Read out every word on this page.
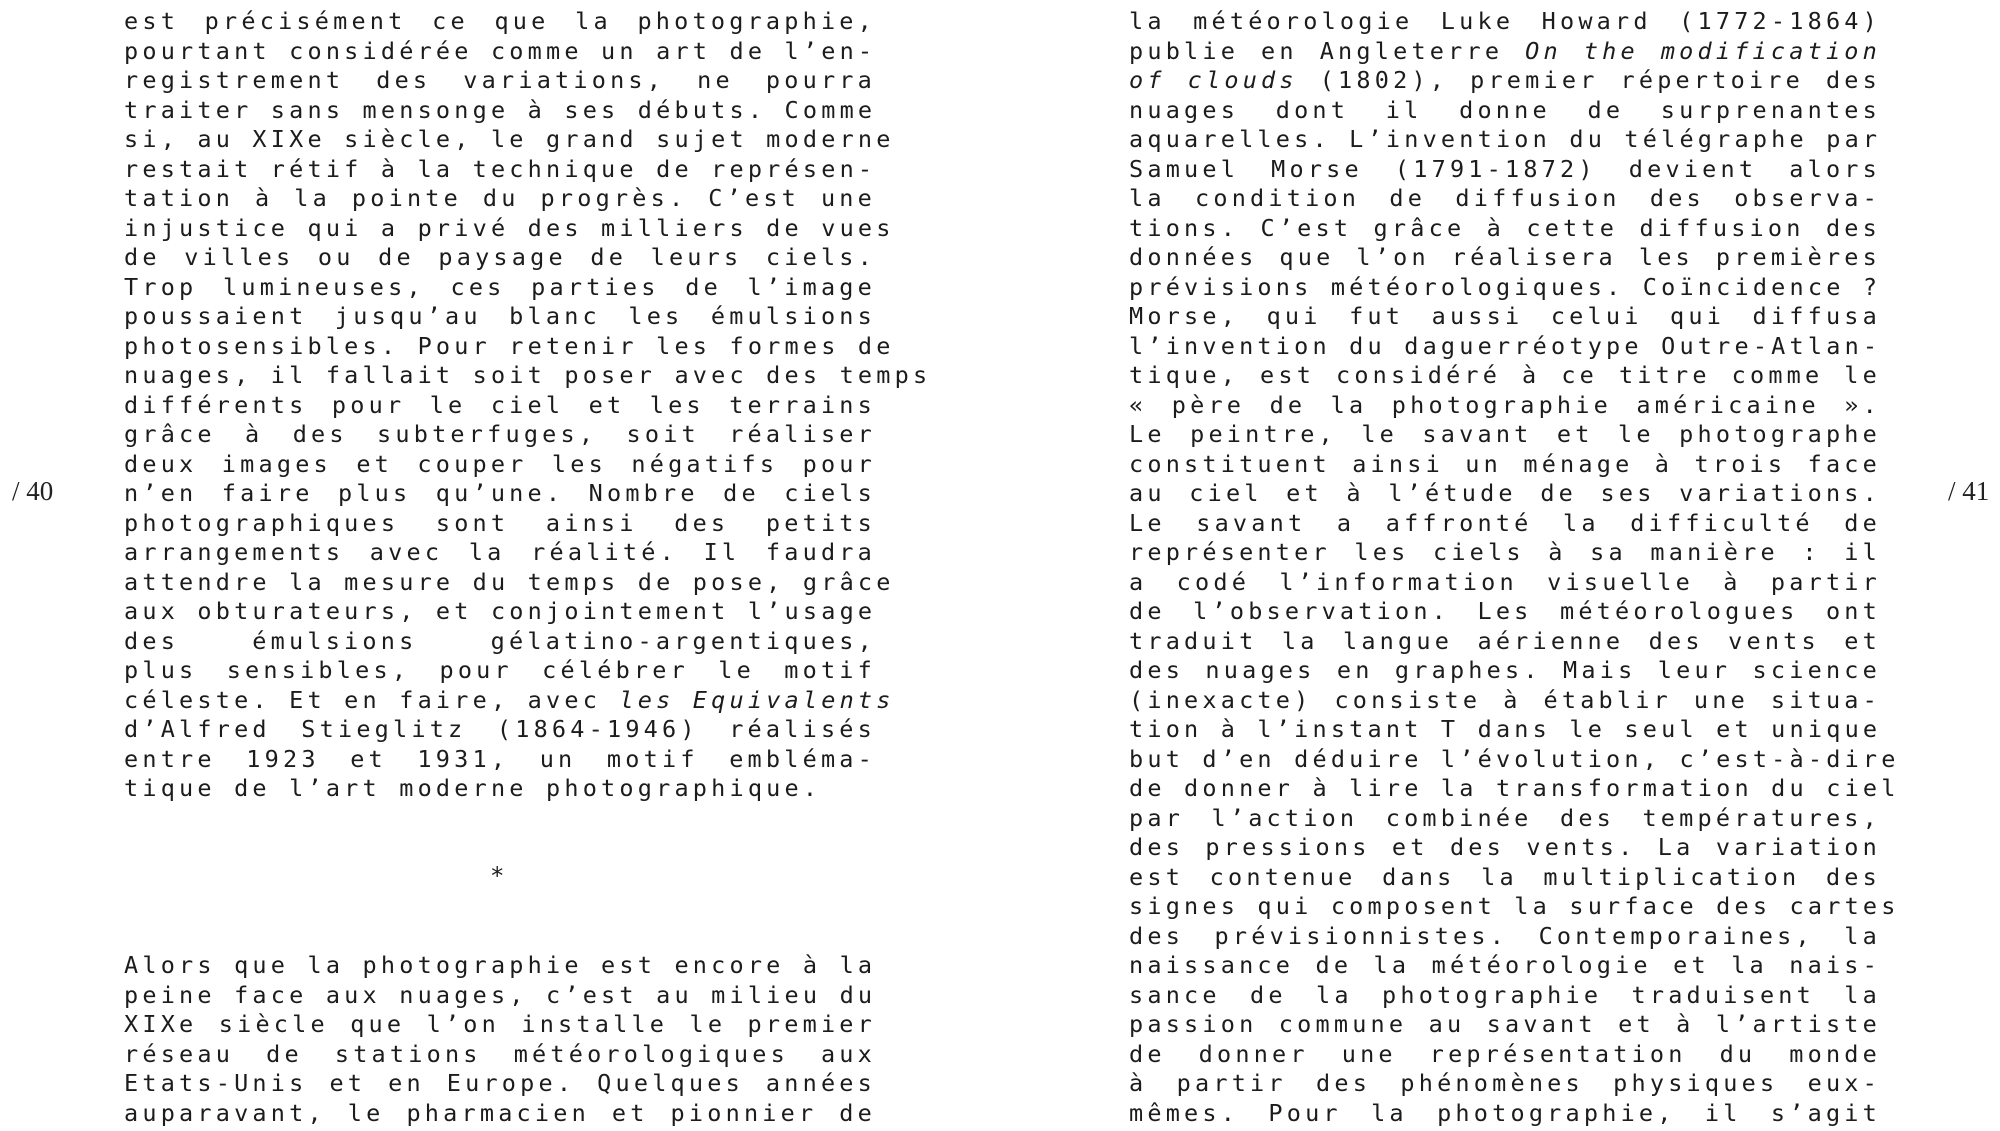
/ 40	/ 41
est précisément ce que la photographie,
pourtant considérée comme un art de l’en-
registrement des variations, ne pourra
traiter sans mensonge à ses débuts. Comme
si, au XIXe siècle, le grand sujet moderne
restait rétif à la technique de représen-
tation à la pointe du progrès. C’est une
injustice qui a privé des milliers de vues
de villes ou de paysage de leurs ciels.
Trop lumineuses, ces parties de l’image
poussaient jusqu’au blanc les émulsions
photosensibles. Pour retenir les formes de
nuages, il fallait soit poser avec des temps
différents pour le ciel et les terrains
grâce à des subterfuges, soit réaliser
deux images et couper les négatifs pour
n’en faire plus qu’une. Nombre de ciels
photographiques sont ainsi des petits
arrangements avec la réalité. Il faudra
attendre la mesure du temps de pose, grâce
aux obturateurs, et conjointement l’usage
des émulsions gélatino-argentiques,
plus sensibles, pour célébrer le motif
céleste. Et en faire, avec les Equivalents
d’Alfred Stieglitz (1864-1946) réalisés
entre 1923 et 1931, un motif embléma-
tique de l’art moderne photographique.
*
Alors que la photographie est encore à la
peine face aux nuages, c’est au milieu du
XIXe siècle que l’on installe le premier
réseau de stations météorologiques aux
Etats-Unis et en Europe. Quelques années
auparavant, le pharmacien et pionnier de
la météorologie Luke Howard (1772-1864)
publie en Angleterre On the modification
of clouds (1802), premier répertoire des
nuages dont il donne de surprenantes
aquarelles. L’invention du télégraphe par
Samuel Morse (1791-1872) devient alors
la condition de diffusion des observa-
tions. C’est grâce à cette diffusion des
données que l’on réalisera les premières
prévisions météorologiques. Coïncidence ?
Morse, qui fut aussi celui qui diffusa
l’invention du daguerréotype Outre-Atlan-
tique, est considéré à ce titre comme le
« père de la photographie américaine ».
Le peintre, le savant et le photographe
constituent ainsi un ménage à trois face
au ciel et à l’étude de ses variations.
Le savant a affronté la difficulté de
représenter les ciels à sa manière : il
a codé l’information visuelle à partir
de l’observation. Les météorologues ont
traduit la langue aérienne des vents et
des nuages en graphes. Mais leur science
(inexacte) consiste à établir une situa-
tion à l’instant T dans le seul et unique
but d’en déduire l’évolution, c’est-à-dire
de donner à lire la transformation du ciel
par l’action combinée des températures,
des pressions et des vents. La variation
est contenue dans la multiplication des
signes qui composent la surface des cartes
des prévisionnistes. Contemporaines, la
naissance de la météorologie et la nais-
sance de la photographie traduisent la
passion commune au savant et à l’artiste
de donner une représentation du monde
à partir des phénomènes physiques eux-
mêmes. Pour la photographie, il s’agit
